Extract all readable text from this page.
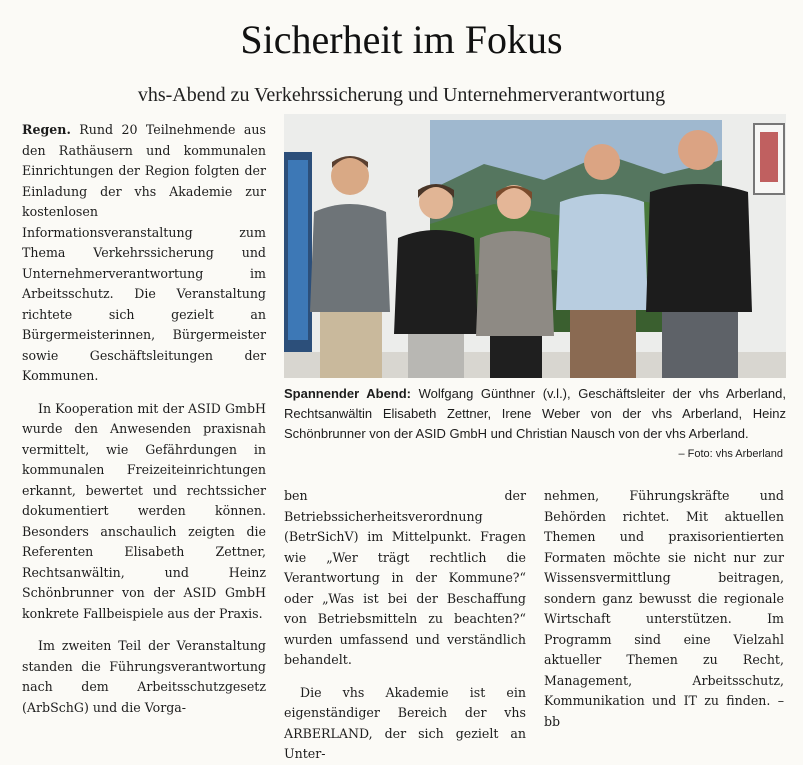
Sicherheit im Fokus
vhs-Abend zu Verkehrssicherung und Unternehmerverantwortung

Regen. Rund 20 Teilnehmende aus den Rathäusern und kommunalen Einrichtungen der Region folgten der Einladung der vhs Akademie zur kostenlosen Informationsveranstaltung zum Thema Verkehrssicherung und Unternehmerverantwortung im Arbeitsschutz. Die Veranstaltung richtete sich gezielt an Bürgermeisterinnen, Bürgermeister sowie Geschäftsleitungen der Kommunen.

In Kooperation mit der ASID GmbH wurde den Anwesenden praxisnah vermittelt, wie Gefährdungen in kommunalen Freizeiteinrichtungen erkannt, bewertet und rechtssicher dokumentiert werden können. Besonders anschaulich zeigten die Referenten Elisabeth Zettner, Rechtsanwältin, und Heinz Schönbrunner von der ASID GmbH konkrete Fallbeispiele aus der Praxis.

Im zweiten Teil der Veranstaltung standen die Führungsverantwortung nach dem Arbeitsschutzgesetz (ArbSchG) und die Vorga-

Spannender Abend: Wolfgang Günthner (v.l.), Geschäftsleiter der vhs Arberland, Rechtsanwältin Elisabeth Zettner, Irene Weber von der vhs Arberland, Heinz Schönbrunner von der ASID GmbH und Christian Nausch von der vhs Arberland.
– Foto: vhs Arberland

ben der Betriebssicherheitsverordnung (BetrSichV) im Mittelpunkt. Fragen wie „Wer trägt rechtlich die Verantwortung in der Kommune?“ oder „Was ist bei der Beschaffung von Betriebsmitteln zu beachten?“ wurden umfassend und verständlich behandelt.

Die vhs Akademie ist ein eigenständiger Bereich der vhs ARBERLAND, der sich gezielt an Unter-

nehmen, Führungskräfte und Behörden richtet. Mit aktuellen Themen und praxisorientierten Formaten möchte sie nicht nur zur Wissensvermittlung beitragen, sondern ganz bewusst die regionale Wirtschaft unterstützen. Im Programm sind eine Vielzahl aktueller Themen zu Recht, Management, Arbeitsschutz, Kommunikation und IT zu finden. – bb
